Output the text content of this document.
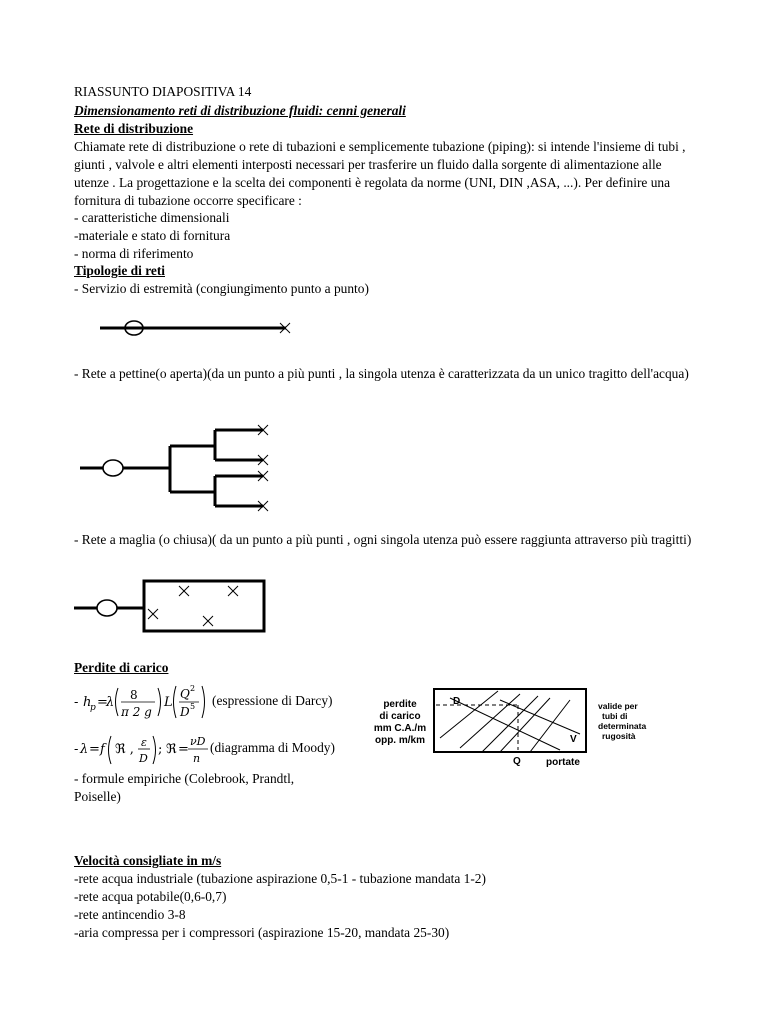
RIASSUNTO DIAPOSITIVA 14
Dimensionamento reti di distribuzione fluidi: cenni generali
Rete di distribuzione
Chiamate rete di distribuzione o rete di tubazioni e semplicemente tubazione (piping): si intende l'insieme di tubi , giunti , valvole e altri elementi interposti necessari per trasferire un fluido dalla sorgente di alimentazione alle utenze . La progettazione e la scelta dei componenti è regolata da norme (UNI, DIN ,ASA, ...). Per definire una fornitura di tubazione occorre specificare :
- caratteristiche dimensionali
-materiale e stato di fornitura
- norma di riferimento
Tipologie di reti
- Servizio di estremità (congiungimento punto a punto)
- Rete a pettine(o aperta)(da un punto a più punti , la singola utenza è caratterizzata da un unico tragitto dell'acqua)
- Rete a maglia (o chiusa)( da un punto a più punti , ogni singola utenza può essere raggiunta attraverso più tragitti)
Perdite di carico
- h
p =
λ 8
π 2 g
L
Q 2
D 5 (espressione di Darcy)
- λ = f ℜ , ε
D
; ℜ =
νD
n
(diagramma di Moody)
- formule empiriche (Colebrook, Prandtl,
Poiselle)
perdite
di carico
mm C.A./m
opp. m/km
D
V
Q	portate
valide per
tubi di
determinata
rugosità
Velocità consigliate in m/s
-rete acqua industriale (tubazione aspirazione 0,5-1 - tubazione mandata 1-2)
-rete acqua potabile(0,6-0,7)
-rete antincendio 3-8
-aria compressa per i compressori (aspirazione 15-20, mandata 25-30)
